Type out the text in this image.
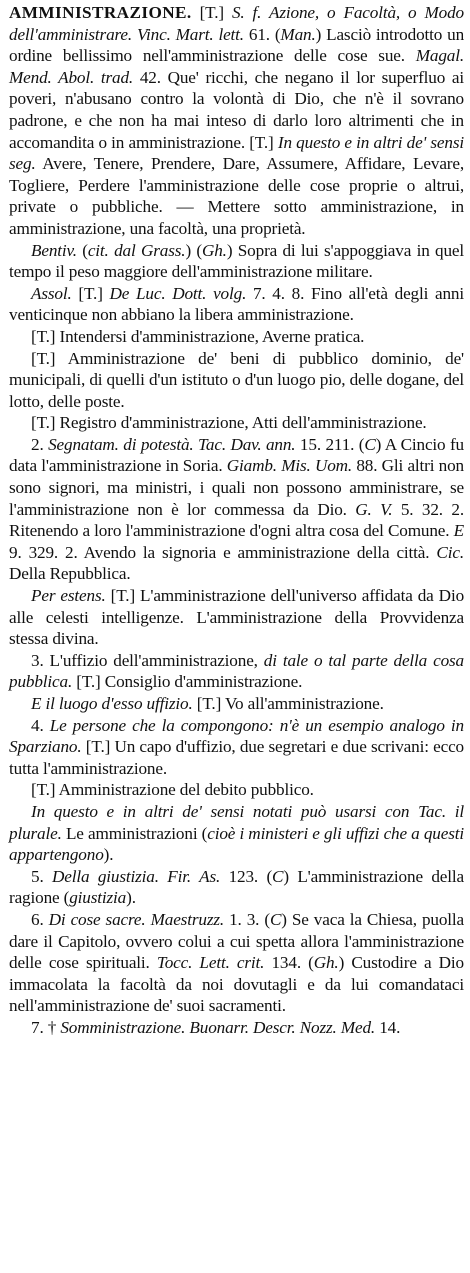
AMMINISTRAZIONE. [T.] S. f. Azione, o Facoltà, o Modo dell'amministrare. Vinc. Mart. lett. 61. (Man.) Lasciò introdotto un ordine bellissimo nell'amministrazione delle cose sue. Magal. Mend. Abol. trad. 42. Que' ricchi, che negano il lor superfluo ai poveri, n'abusano contro la volontà di Dio, che n'è il sovrano padrone, e che non ha mai inteso di darlo loro altrimenti che in accomandita o in amministrazione. [T.] In questo e in altri de' sensi seg. Avere, Tenere, Prendere, Dare, Assumere, Affidare, Levare, Togliere, Perdere l'amministrazione delle cose proprie o altrui, private o pubbliche. — Mettere sotto amministrazione, in amministrazione, una facoltà, una proprietà.

Bentiv. (cit. dal Grass.) (Gh.) Sopra di lui s'appoggiava in quel tempo il peso maggiore dell'amministrazione militare.

Assol. [T.] De Luc. Dott. volg. 7. 4. 8. Fino all'età degli anni venticinque non abbiano la libera amministrazione.

[T.] Intendersi d'amministrazione, Averne pratica.

[T.] Amministrazione de' beni di pubblico dominio, de' municipali, di quelli d'un istituto o d'un luogo pio, delle dogane, del lotto, delle poste.

[T.] Registro d'amministrazione, Atti dell'amministrazione.

2. Segnatam. di potestà. Tac. Dav. ann. 15. 211. (C) A Cincio fu data l'amministrazione in Soria. Giamb. Mis. Uom. 88. Gli altri non sono signori, ma ministri, i quali non possono amministrare, se l'amministrazione non è lor commessa da Dio. G. V. 5. 32. 2. Ritenendo a loro l'amministrazione d'ogni altra cosa del Comune. E 9. 329. 2. Avendo la signoria e amministrazione della città. Cic. Della Repubblica.

Per estens. [T.] L'amministrazione dell'universo affidata da Dio alle celesti intelligenze. L'amministrazione della Provvidenza stessa divina.

3. L'uffizio dell'amministrazione, di tale o tal parte della cosa pubblica. [T.] Consiglio d'amministrazione.

E il luogo d'esso uffizio. [T.] Vo all'amministrazione.

4. Le persone che la compongono: n'è un esempio analogo in Sparziano. [T.] Un capo d'uffizio, due segretari e due scrivani: ecco tutta l'amministrazione.

[T.] Amministrazione del debito pubblico.

In questo e in altri de' sensi notati può usarsi con Tac. il plurale. Le amministrazioni (cioè i ministeri e gli uffizi che a questi appartengono).

5. Della giustizia. Fir. As. 123. (C) L'amministrazione della ragione (giustizia).

6. Di cose sacre. Maestruzz. 1. 3. (C) Se vaca la Chiesa, puolla dare il Capitolo, ovvero colui a cui spetta allora l'amministrazione delle cose spirituali. Tocc. Lett. crit. 134. (Gh.) Custodire a Dio immacolata la facoltà da noi dovutagli e da lui comandataci nell'amministrazione de' suoi sacramenti.

7. † Somministrazione. Buonarr. Descr. Nozz. Med. 14.
